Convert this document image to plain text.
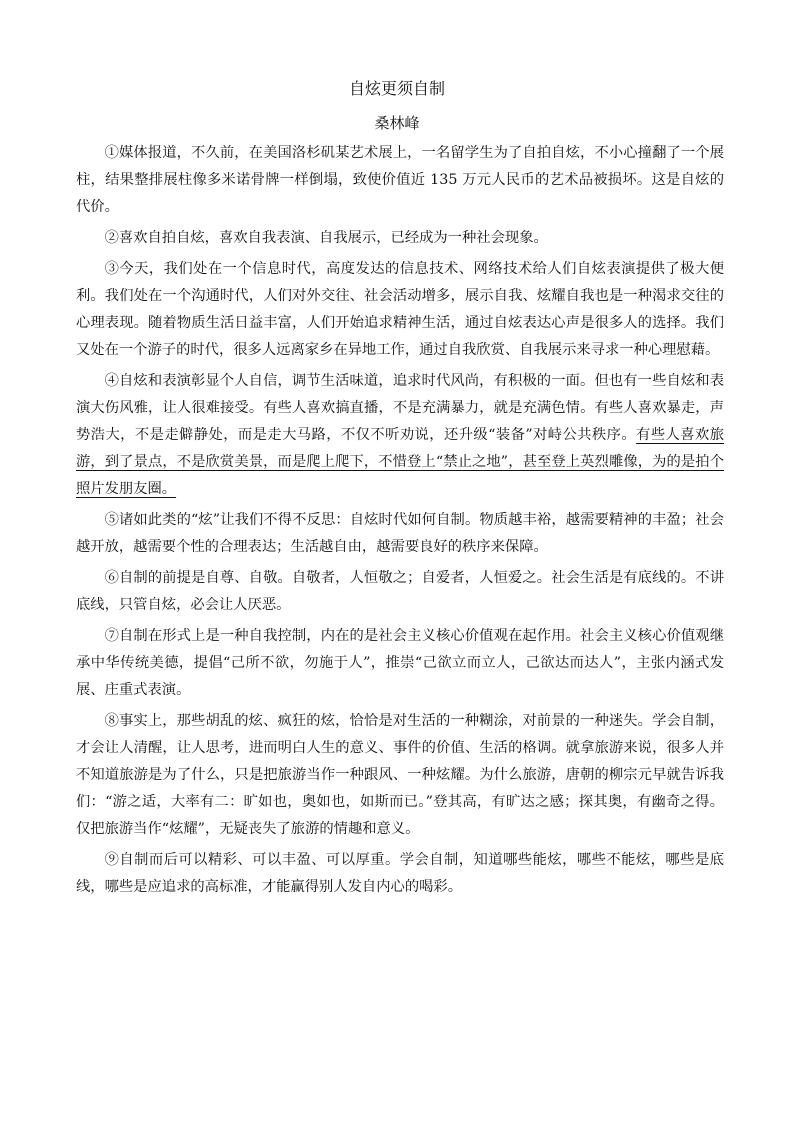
自炫更须自制
桑林峰

①媒体报道，不久前，在美国洛杉矶某艺术展上，一名留学生为了自拍自炫，不小心撞翻了一个展柱，结果整排展柱像多米诺骨牌一样倒塌，致使价值近 135 万元人民币的艺术品被损坏。这是自炫的代价。

②喜欢自拍自炫，喜欢自我表演、自我展示，已经成为一种社会现象。

③今天，我们处在一个信息时代，高度发达的信息技术、网络技术给人们自炫表演提供了极大便利。我们处在一个沟通时代，人们对外交往、社会活动增多，展示自我、炫耀自我也是一种渴求交往的心理表现。随着物质生活日益丰富，人们开始追求精神生活，通过自炫表达心声是很多人的选择。我们又处在一个游子的时代，很多人远离家乡在异地工作，通过自我欣赏、自我展示来寻求一种心理慰藉。

④自炫和表演彰显个人自信，调节生活味道，追求时代风尚，有积极的一面。但也有一些自炫和表演大伤风雅，让人很难接受。有些人喜欢搞直播，不是充满暴力，就是充满色情。有些人喜欢暴走，声势浩大，不是走僻静处，而是走大马路，不仅不听劝说，还升级“装备”对峙公共秩序。有些人喜欢旅游，到了景点，不是欣赏美景，而是爬上爬下，不惜登上“禁止之地”，甚至登上英烈雕像，为的是拍个照片发朋友圈。

⑤诸如此类的“炫”让我们不得不反思：自炫时代如何自制。物质越丰裕，越需要精神的丰盈；社会越开放，越需要个性的合理表达；生活越自由，越需要良好的秩序来保障。

⑥自制的前提是自尊、自敬。自敬者，人恒敬之；自爱者，人恒爱之。社会生活是有底线的。不讲底线，只管自炫，必会让人厌恶。

⑦自制在形式上是一种自我控制，内在的是社会主义核心价值观在起作用。社会主义核心价值观继承中华传统美德，提倡“己所不欲，勿施于人”，推崇“己欲立而立人，己欲达而达人”，主张内涵式发展、庄重式表演。

⑧事实上，那些胡乱的炫、疯狂的炫，恰恰是对生活的一种糊涂，对前景的一种迷失。学会自制，才会让人清醒，让人思考，进而明白人生的意义、事件的价值、生活的格调。就拿旅游来说，很多人并不知道旅游是为了什么，只是把旅游当作一种跟风、一种炫耀。为什么旅游，唐朝的柳宗元早就告诉我们：“游之适，大率有二：旷如也，奥如也，如斯而已。”登其高，有旷达之感；探其奥，有幽奇之得。仅把旅游当作“炫耀”，无疑丧失了旅游的情趣和意义。

⑨自制而后可以精彩、可以丰盈、可以厚重。学会自制，知道哪些能炫，哪些不能炫，哪些是底线，哪些是应追求的高标准，才能赢得别人发自内心的喝彩。
